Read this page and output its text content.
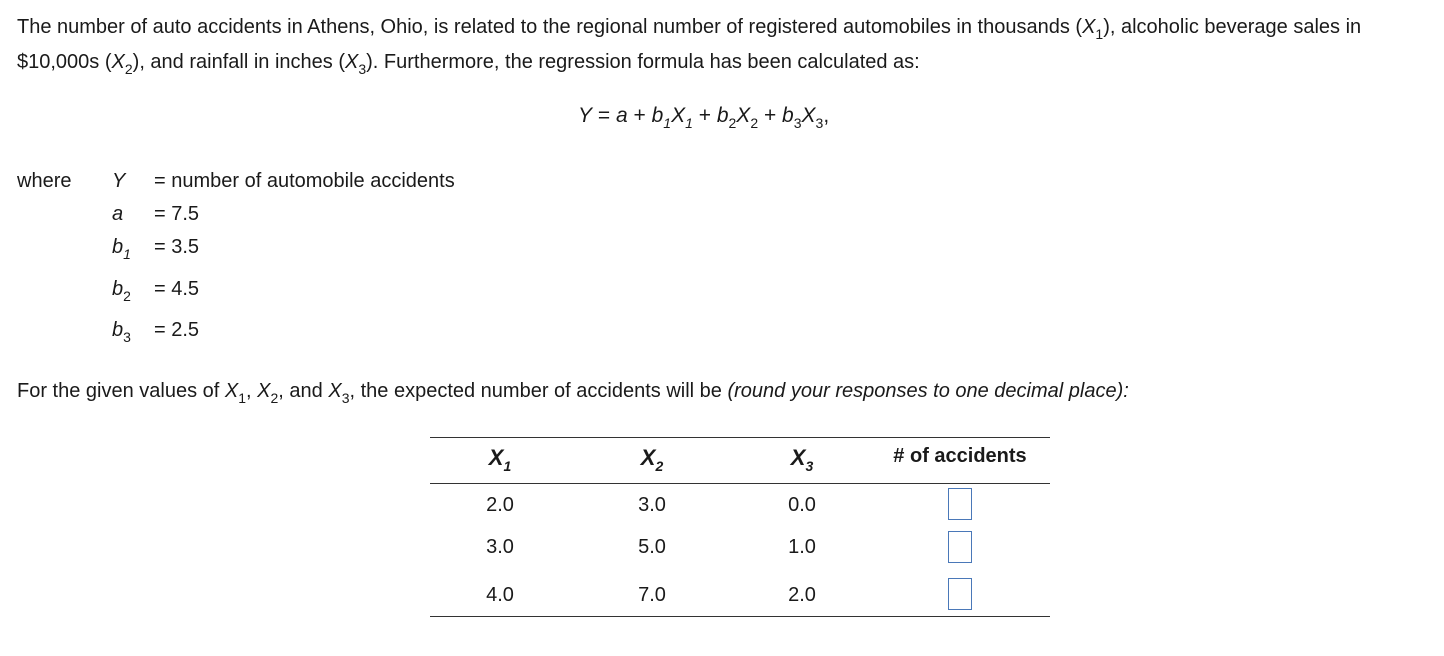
The number of auto accidents in Athens, Ohio, is related to the regional number of registered automobiles in thousands $(X_1)$, alcoholic beverage sales in $10,000s $(X_2)$, and rainfall in inches $(X_3)$. Furthermore, the regression formula has been calculated as:
$Y = a + b_1X_1 + b_2X_2 + b_3X_3$,
where Y = number of automobile accidents
a = 7.5
$b_1 = 3.5$
$b_2 = 4.5$
$b_3 = 2.5$
For the given values of $X_1$, $X_2$, and $X_3$, the expected number of accidents will be (round your responses to one decimal place):
$X_1$	$X_2$	$X_3$	# of accidents
2.0	3.0	0.0
3.0	5.0	1.0
4.0	7.0	2.0
